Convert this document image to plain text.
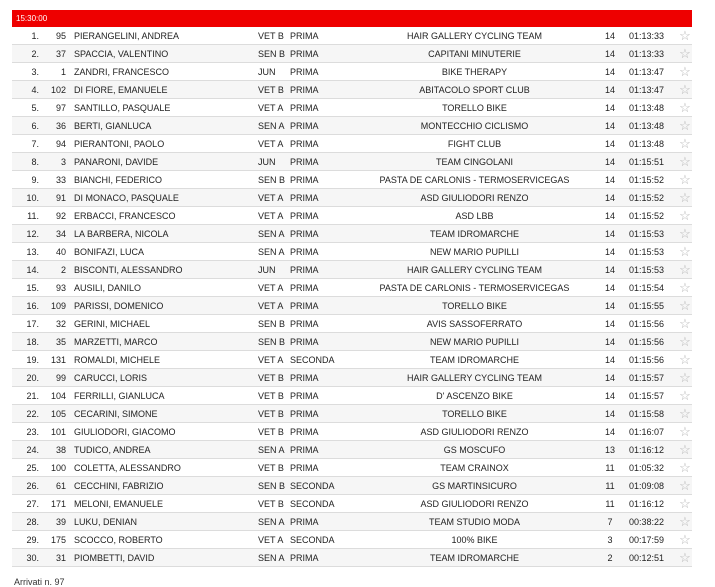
15:30:00
1.	95 PIERANGELINI, ANDREA	VET B PRIMA	HAIR GALLERY CYCLING TEAM	14	01:13:33	☆
2.	37 SPACCIA, VALENTINO	SEN B PRIMA	CAPITANI MINUTERIE	14	01:13:33	☆
3.	1 ZANDRI, FRANCESCO	JUN	PRIMA	BIKE THERAPY	14	01:13:47	☆
4.	102 DI FIORE, EMANUELE	VET B PRIMA	ABITACOLO SPORT CLUB	14	01:13:47	☆
5.	97 SANTILLO, PASQUALE	VET A PRIMA	TORELLO BIKE	14	01:13:48	☆
6.	36 BERTI, GIANLUCA	SEN A PRIMA	MONTECCHIO CICLISMO	14	01:13:48	☆
7.	94 PIERANTONI, PAOLO	VET A PRIMA	FIGHT CLUB	14	01:13:48	☆
8.	3 PANARONI, DAVIDE	JUN	PRIMA	TEAM CINGOLANI	14	01:15:51	☆
9.	33 BIANCHI, FEDERICO	SEN B PRIMA	PASTA DE CARLONIS - TERMOSERVICEGAS	14	01:15:52	☆
10.	91 DI MONACO, PASQUALE	VET A PRIMA	ASD GIULIODORI RENZO	14	01:15:52	☆
11.	92 ERBACCI, FRANCESCO	VET A PRIMA	ASD LBB	14	01:15:52	☆
12.	34 LA BARBERA, NICOLA	SEN A PRIMA	TEAM IDROMARCHE	14	01:15:53	☆
13.	40 BONIFAZI, LUCA	SEN A PRIMA	NEW MARIO PUPILLI	14	01:15:53	☆
14.	2 BISCONTI, ALESSANDRO	JUN	PRIMA	HAIR GALLERY CYCLING TEAM	14	01:15:53	☆
15.	93 AUSILI, DANILO	VET A PRIMA	PASTA DE CARLONIS - TERMOSERVICEGAS	14	01:15:54	☆
16.	109 PARISSI, DOMENICO	VET A PRIMA	TORELLO BIKE	14	01:15:55	☆
17.	32 GERINI, MICHAEL	SEN B PRIMA	AVIS SASSOFERRATO	14	01:15:56	☆
18.	35 MARZETTI, MARCO	SEN B PRIMA	NEW MARIO PUPILLI	14	01:15:56	☆
19.	131 ROMALDI, MICHELE	VET A SECONDA	TEAM IDROMARCHE	14	01:15:56	☆
20.	99 CARUCCI, LORIS	VET B PRIMA	HAIR GALLERY CYCLING TEAM	14	01:15:57	☆
21.	104 FERRILLI, GIANLUCA	VET B PRIMA	D' ASCENZO BIKE	14	01:15:57	☆
22.	105 CECARINI, SIMONE	VET B PRIMA	TORELLO BIKE	14	01:15:58	☆
23.	101 GIULIODORI, GIACOMO	VET B PRIMA	ASD GIULIODORI RENZO	14	01:16:07	☆
24.	38 TUDICO, ANDREA	SEN A PRIMA	GS MOSCUFO	13	01:16:12	☆
25.	100 COLETTA, ALESSANDRO	VET B PRIMA	TEAM CRAINOX	11	01:05:32	☆
26.	61 CECCHINI, FABRIZIO	SEN B SECONDA	GS MARTINSICURO	11	01:09:08	☆
27.	171 MELONI, EMANUELE	VET B SECONDA	ASD GIULIODORI RENZO	11	01:16:12	☆
28.	39 LUKU, DENIAN	SEN A PRIMA	TEAM STUDIO MODA	7	00:38:22	☆
29.	175 SCOCCO, ROBERTO	VET A SECONDA	100% BIKE	3	00:17:59	☆
30.	31 PIOMBETTI, DAVID	SEN A PRIMA	TEAM IDROMARCHE	2	00:12:51	☆
Arrivati n. 97
